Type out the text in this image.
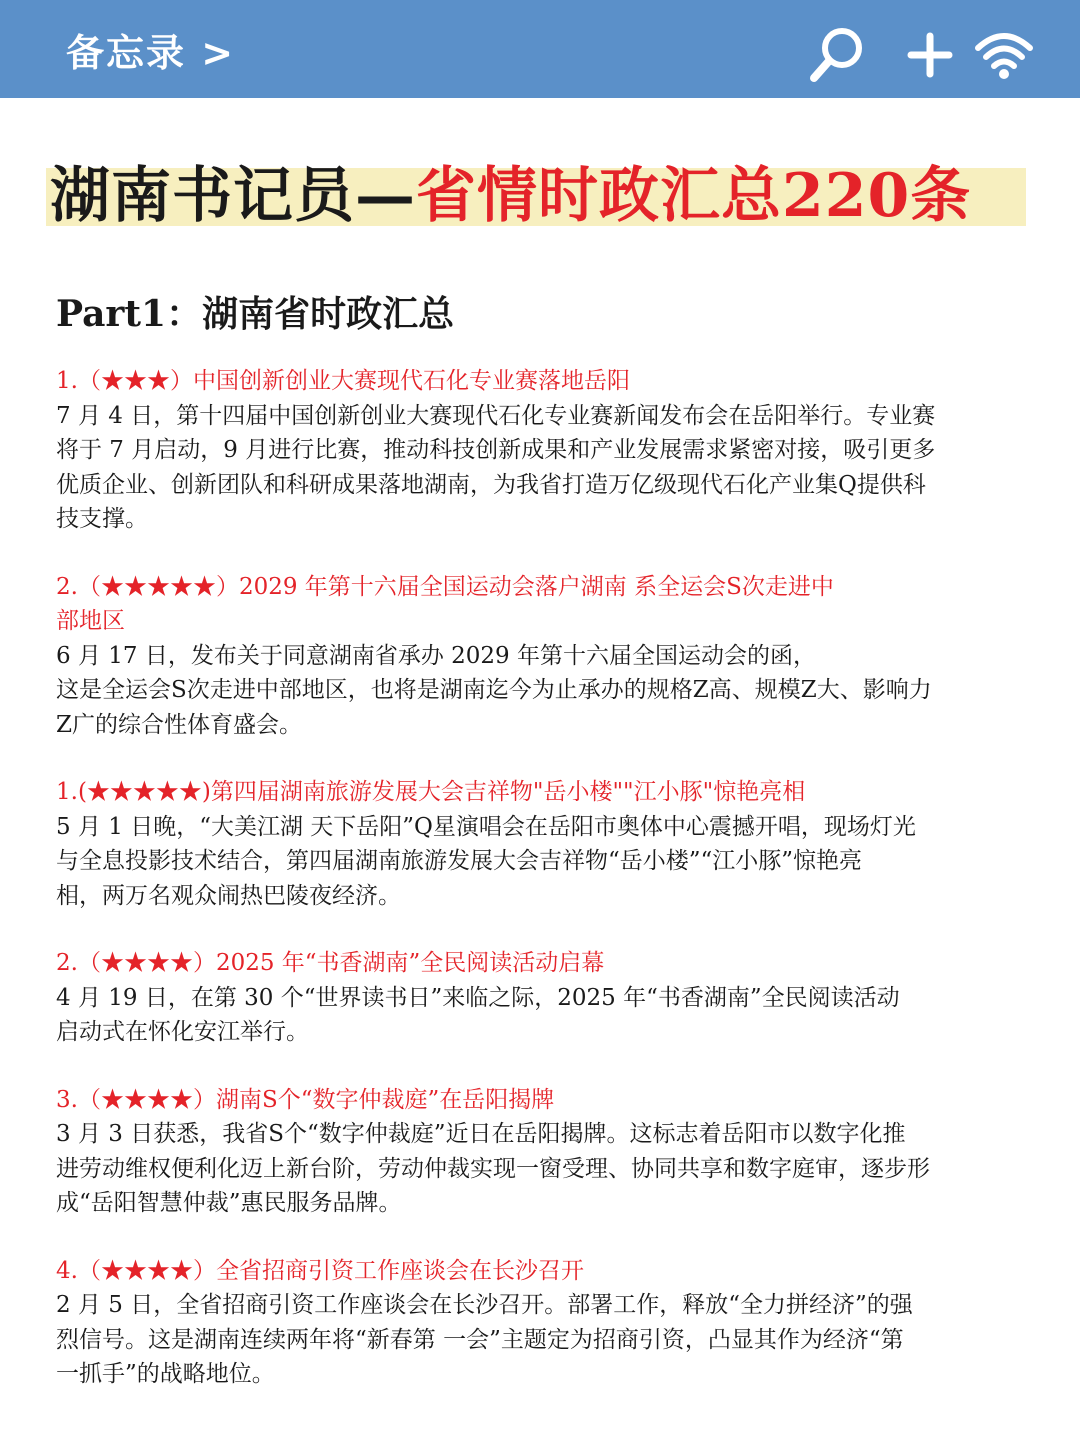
备忘录 >
湖南书记员—省情时政汇总220条
Part1：湖南省时政汇总
1.（★★★）中国创新创业大赛现代石化专业赛落地岳阳
7 月 4 日，第十四届中国创新创业大赛现代石化专业赛新闻发布会在岳阳举行。专业赛
将于 7 月启动，9 月进行比赛，推动科技创新成果和产业发展需求紧密对接，吸引更多
优质企业、创新团队和科研成果落地湖南，为我省打造万亿级现代石化产业集Q提供科
技支撑。
2.（★★★★★）2029 年第十六届全国运动会落户湖南 系全运会S次走进中
部地区
6 月 17 日，发布关于同意湖南省承办 2029 年第十六届全国运动会的函，
这是全运会S次走进中部地区，也将是湖南迄今为止承办的规格Z高、规模Z大、影响力
Z广的综合性体育盛会。
1.(★★★★★)第四届湖南旅游发展大会吉祥物"岳小楼""江小豚"惊艳亮相
5 月 1 日晚，“大美江湖 天下岳阳”Q星演唱会在岳阳市奥体中心震撼开唱，现场灯光
与全息投影技术结合，第四届湖南旅游发展大会吉祥物“岳小楼”“江小豚”惊艳亮
相，两万名观众闹热巴陵夜经济。
2.（★★★★）2025 年“书香湖南”全民阅读活动启幕
4 月 19 日，在第 30 个“世界读书日”来临之际，2025 年“书香湖南”全民阅读活动
启动式在怀化安江举行。
3.（★★★★）湖南S个“数字仲裁庭”在岳阳揭牌
3 月 3 日获悉，我省S个“数字仲裁庭”近日在岳阳揭牌。这标志着岳阳市以数字化推
进劳动维权便利化迈上新台阶，劳动仲裁实现一窗受理、协同共享和数字庭审，逐步形
成“岳阳智慧仲裁”惠民服务品牌。
4.（★★★★）全省招商引资工作座谈会在长沙召开
2 月 5 日，全省招商引资工作座谈会在长沙召开。部署工作，释放“全力拼经济”的强
烈信号。这是湖南连续两年将“新春第 一会”主题定为招商引资，凸显其作为经济“第
一抓手”的战略地位。
